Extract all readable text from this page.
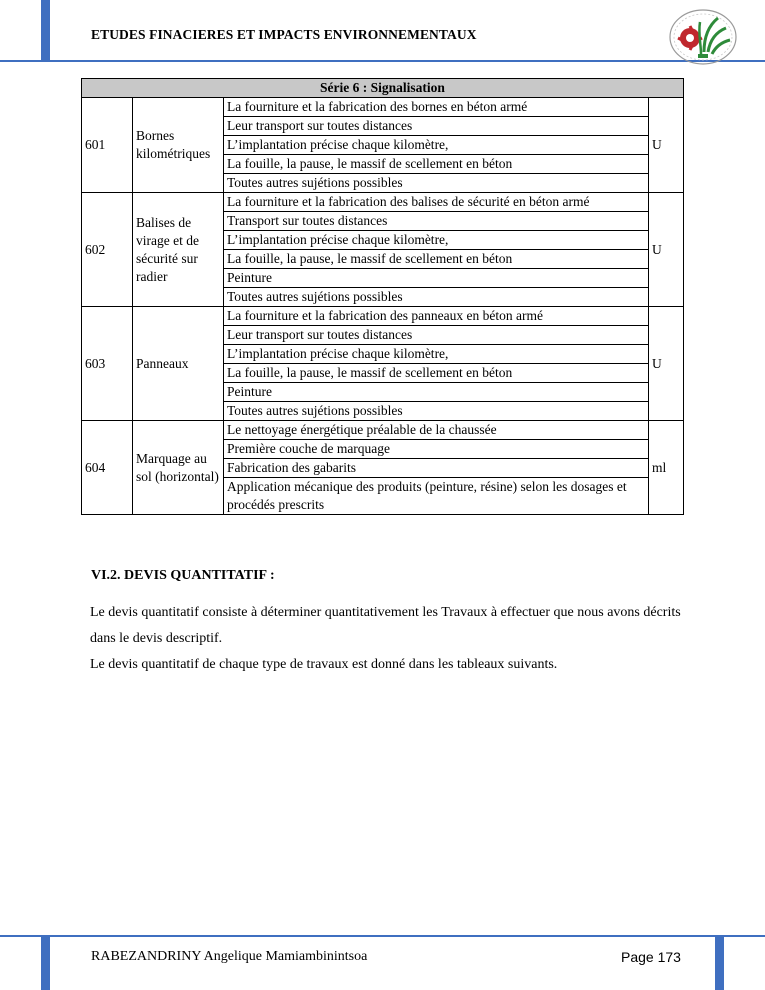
ETUDES FINACIERES ET IMPACTS ENVIRONNEMENTAUX
Série 6 : Signalisation			
601	Bornes kilométriques	La fourniture et la fabrication des bornes en béton armé	U
		Leur transport sur toutes distances	
		L’implantation précise chaque kilomètre,	
		La fouille, la pause, le massif de scellement en béton	
		Toutes autres sujétions possibles	
602	Balises de virage et de sécurité sur radier	La fourniture et la fabrication des balises de sécurité en béton armé	U
		Transport sur toutes distances	
		L’implantation précise chaque kilomètre,	
		La fouille, la pause, le massif de scellement en béton	
		Peinture	
		Toutes autres sujétions possibles	
603	Panneaux	La fourniture et la fabrication des panneaux en béton armé	U
		Leur transport sur toutes distances	
		L’implantation précise chaque kilomètre,	
		La fouille, la pause, le massif de scellement en béton	
		Peinture	
		Toutes autres sujétions possibles	
604	Marquage au sol (horizontal)	Le nettoyage énergétique préalable de la chaussée	ml
		Première couche de marquage	
		Fabrication des gabarits	
		Application mécanique des produits (peinture, résine) selon les dosages et procédés prescrits	
VI.2. DEVIS QUANTITATIF :

Le devis quantitatif consiste à déterminer quantitativement les Travaux à effectuer que nous avons décrits dans le devis descriptif.

Le devis quantitatif de chaque type de travaux est donné dans les tableaux suivants.

RABEZANDRINY Angelique Mamiambinintsoa	Page 173
